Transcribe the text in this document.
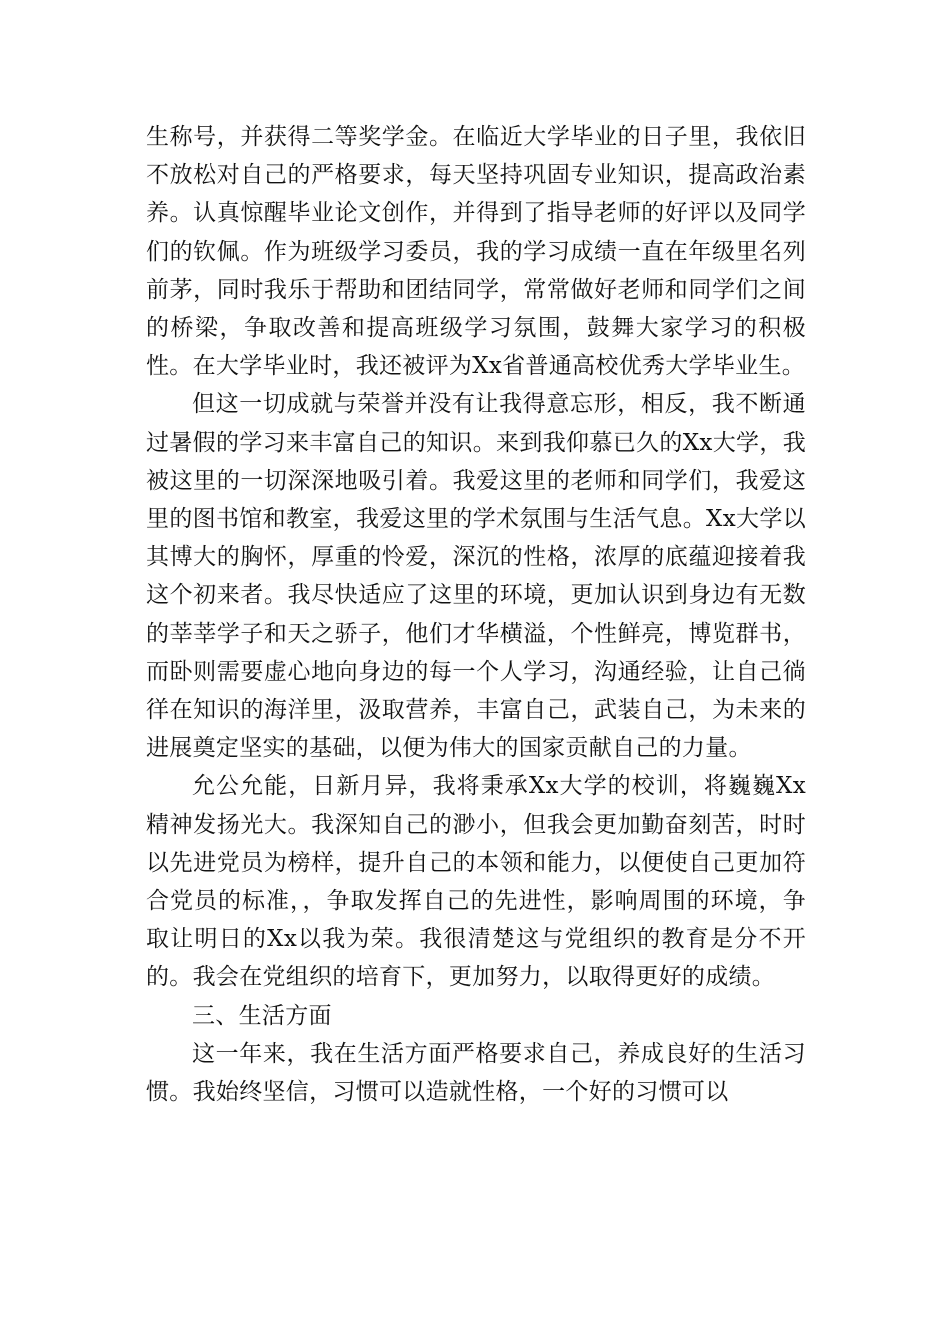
生称号，并获得二等奖学金。在临近大学毕业的日子里，我依旧不放松对自己的严格要求，每天坚持巩固专业知识，提高政治素养。认真惊醒毕业论文创作，并得到了指导老师的好评以及同学们的钦佩。作为班级学习委员，我的学习成绩一直在年级里名列前茅，同时我乐于帮助和团结同学，常常做好老师和同学们之间的桥梁，争取改善和提高班级学习氛围，鼓舞大家学习的积极性。在大学毕业时，我还被评为Xx省普通高校优秀大学毕业生。

但这一切成就与荣誉并没有让我得意忘形，相反，我不断通过暑假的学习来丰富自己的知识。来到我仰慕已久的Xx大学，我被这里的一切深深地吸引着。我爱这里的老师和同学们，我爱这里的图书馆和教室，我爱这里的学术氛围与生活气息。Xx大学以其博大的胸怀，厚重的怜爱，深沉的性格，浓厚的底蕴迎接着我这个初来者。我尽快适应了这里的环境，更加认识到身边有无数的莘莘学子和天之骄子，他们才华横溢，个性鲜亮，博览群书，而卧则需要虚心地向身边的每一个人学习，沟通经验，让自己徜徉在知识的海洋里，汲取营养，丰富自己，武装自己，为未来的进展奠定坚实的基础，以便为伟大的国家贡献自己的力量。

允公允能，日新月异，我将秉承Xx大学的校训，将巍巍Xx精神发扬光大。我深知自己的渺小，但我会更加勤奋刻苦，时时以先进党员为榜样，提升自己的本领和能力，以便使自己更加符合党员的标准，，争取发挥自己的先进性，影响周围的环境，争取让明日的Xx以我为荣。我很清楚这与党组织的教育是分不开的。我会在党组织的培育下，更加努力，以取得更好的成绩。

三、生活方面

这一年来，我在生活方面严格要求自己，养成良好的生活习惯。我始终坚信，习惯可以造就性格，一个好的习惯可以
